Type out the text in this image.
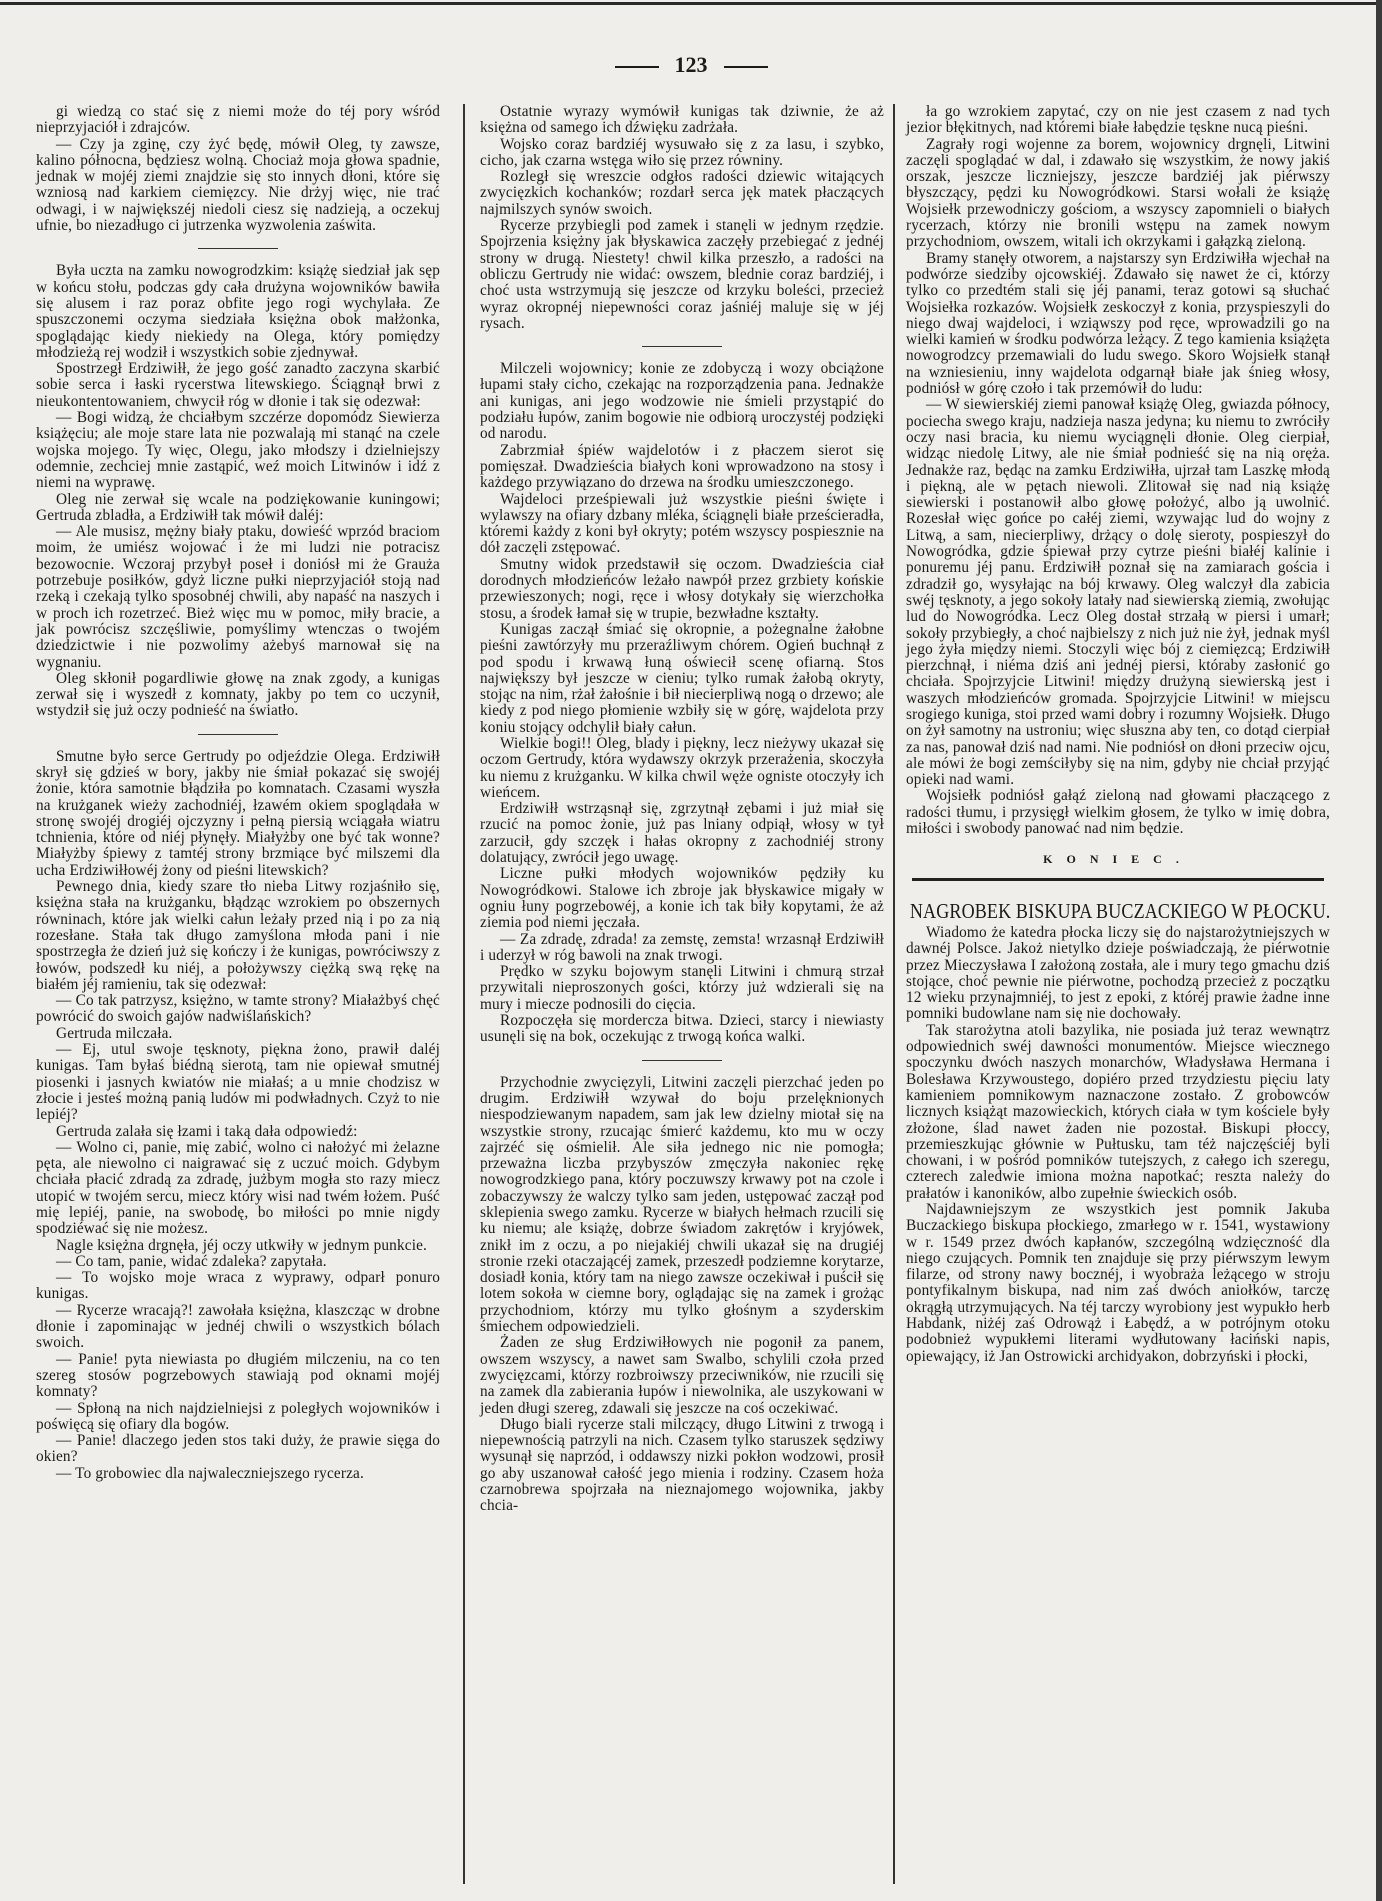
123

gi wiedzą co stać się z niemi może do téj pory wśród nieprzyjaciół i zdrajców.

— Czy ja zginę, czy żyć będę, mówił Oleg, ty zawsze, kalino północna, będziesz wolną. Chociaż moja głowa spadnie, jednak w mojéj ziemi znajdzie się sto innych dłoni, które się wzniosą nad karkiem ciemięzcy. Nie drżyj więc, nie trać odwagi, i w największéj niedoli ciesz się nadzieją, a oczekuj ufnie, bo niezadługo ci jutrzenka wyzwolenia zaświta.

Była uczta na zamku nowogrodzkim: książę siedział jak sęp w końcu stołu, podczas gdy cała drużyna wojowników bawiła się alusem i raz poraz obfite jego rogi wychylała. Ze spuszczonemi oczyma siedziała księżna obok małżonka, spoglądając kiedy niekiedy na Olega, który pomiędzy młodzieżą rej wodził i wszystkich sobie zjednywał.

Spostrzegł Erdziwiłł, że jego gość zanadto zaczyna skarbić sobie serca i łaski rycerstwa litewskiego. Ściągnął brwi z nieukontentowaniem, chwycił róg w dłonie i tak się odezwał:

— Bogi widzą, że chciałbym szczérze dopomódz Siewierza książęciu; ale moje stare lata nie pozwalają mi stanąć na czele wojska mojego. Ty więc, Olegu, jako młodszy i dzielniejszy odemnie, zechciej mnie zastąpić, weź moich Litwinów i idź z niemi na wyprawę.

Oleg nie zerwał się wcale na podziękowanie kuningowi; Gertruda zbladła, a Erdziwiłł tak mówił daléj:

— Ale musisz, mężny biały ptaku, dowieść wprzód braciom moim, że umiész wojować i że mi ludzi nie potracisz bezowocnie. Wczoraj przybył poseł i doniósł mi że Grauża potrzebuje posiłków, gdyż liczne pułki nieprzyjaciół stoją nad rzeką i czekają tylko sposobnéj chwili, aby napaść na naszych i w proch ich rozetrzeć. Bież więc mu w pomoc, miły bracie, a jak powrócisz szczęśliwie, pomyślimy wtenczas o twojém dziedzictwie i nie pozwolimy ażebyś marnował się na wygnaniu.

Oleg skłonił pogardliwie głowę na znak zgody, a kunigas zerwał się i wyszedł z komnaty, jakby po tem co uczynił, wstydził się już oczy podnieść na światło.

Smutne było serce Gertrudy po odjeździe Olega. Erdziwiłł skrył się gdzieś w bory, jakby nie śmiał pokazać się swojéj żonie, która samotnie błądziła po komnatach. Czasami wyszła na krużganek wieży zachodniéj, łzawém okiem spoglądała w stronę swojéj drogiéj ojczyzny i pełną piersią wciągała wiatru tchnienia, które od niéj płynęły. Miałyżby one być tak wonne? Miałyżby śpiewy z tamtéj strony brzmiące być milszemi dla ucha Erdziwiłłowéj żony od pieśni litewskich?

Pewnego dnia, kiedy szare tło nieba Litwy rozjaśniło się, księżna stała na krużganku, błądząc wzrokiem po obszernych równinach, które jak wielki całun leżały przed nią i po za nią rozesłane. Stała tak długo zamyślona młoda pani i nie spostrzegła że dzień już się kończy i że kunigas, powróciwszy z łowów, podszedł ku niéj, a położywszy ciężką swą rękę na białém jéj ramieniu, tak się odezwał:

— Co tak patrzysz, księżno, w tamte strony? Miałażbyś chęć powrócić do swoich gajów nadwiślańskich?

Gertruda milczała.

— Ej, utul swoje tęsknoty, piękna żono, prawił daléj kunigas. Tam byłaś biédną sierotą, tam nie opiewał smutnéj piosenki i jasnych kwiatów nie miałaś; a u mnie chodzisz w złocie i jesteś możną panią ludów mi podwładnych. Czyż to nie lepiéj?

Gertruda zalała się łzami i taką dała odpowiedź:

— Wolno ci, panie, mię zabić, wolno ci nałożyć mi żelazne pęta, ale niewolno ci naigrawać się z uczuć moich. Gdybym chciała płacić zdradą za zdradę, jużbym mogła sto razy miecz utopić w twojém sercu, miecz który wisi nad twém łożem. Puść mię lepiéj, panie, na swobodę, bo miłości po mnie nigdy spodziéwać się nie możesz.

Nagle księżna drgnęła, jéj oczy utkwiły w jednym punkcie.

— Co tam, panie, widać zdaleka? zapytała.

— To wojsko moje wraca z wyprawy, odparł ponuro kunigas.

— Rycerze wracają?! zawołała księżna, klaszcząc w drobne dłonie i zapominając w jednéj chwili o wszystkich bólach swoich.

— Panie! pyta niewiasta po długiém milczeniu, na co ten szereg stosów pogrzebowych stawiają pod oknami mojéj komnaty?

— Spłoną na nich najdzielniejsi z poległych wojowników i poświęcą się ofiary dla bogów.

— Panie! dlaczego jeden stos taki duży, że prawie sięga do okien?

— To grobowiec dla najwaleczniejszego rycerza.

Ostatnie wyrazy wymówił kunigas tak dziwnie, że aż księżna od samego ich dźwięku zadrżała.

Wojsko coraz bardziéj wysuwało się z za lasu, i szybko, cicho, jak czarna wstęga wiło się przez równiny.

Rozległ się wreszcie odgłos radości dziewic witających zwycięzkich kochanków; rozdarł serca jęk matek płaczących najmilszych synów swoich.

Rycerze przybiegli pod zamek i stanęli w jednym rzędzie. Spojrzenia księżny jak błyskawica zaczęły przebiegać z jednéj strony w drugą. Niestety! chwil kilka przeszło, a radości na obliczu Gertrudy nie widać: owszem, blednie coraz bardziéj, i choć usta wstrzymują się jeszcze od krzyku boleści, przecież wyraz okropnéj niepewności coraz jaśniéj maluje się w jéj rysach.

Milczeli wojownicy; konie ze zdobyczą i wozy obciążone łupami stały cicho, czekając na rozporządzenia pana. Jednakże ani kunigas, ani jego wodzowie nie śmieli przystąpić do podziału łupów, zanim bogowie nie odbiorą uroczystéj podzięki od narodu.

Zabrzmiał śpiéw wajdelotów i z płaczem sierot się pomięszał. Dwadzieścia białych koni wprowadzono na stosy i każdego przywiązano do drzewa na środku umieszczonego.

Wajdeloci prześpiewali już wszystkie pieśni święte i wylawszy na ofiary dzbany mléka, ściągnęli białe prześcieradła, któremi każdy z koni był okryty; potém wszyscy pospiesznie na dół zaczęli zstępować.

Smutny widok przedstawił się oczom. Dwadzieścia ciał dorodnych młodzieńców leżało nawpół przez grzbiety końskie przewieszonych; nogi, ręce i włosy dotykały się wierzchołka stosu, a środek łamał się w trupie, bezwładne kształty.

Kunigas zaczął śmiać się okropnie, a pożegnalne żałobne pieśni zawtórzyły mu przeraźliwym chórem. Ogień buchnął z pod spodu i krwawą łuną oświecił scenę ofiarną. Stos największy był jeszcze w cieniu; tylko rumak żałobą okryty, stojąc na nim, rżał żałośnie i bił niecierpliwą nogą o drzewo; ale kiedy z pod niego płomienie wzbiły się w górę, wajdelota przy koniu stojący odchylił biały całun.

Wielkie bogi!! Oleg, blady i piękny, lecz nieżywy ukazał się oczom Gertrudy, która wydawszy okrzyk przerażenia, skoczyła ku niemu z krużganku. W kilka chwil węże ogniste otoczyły ich wieńcem.

Erdziwiłł wstrząsnął się, zgrzytnął zębami i już miał się rzucić na pomoc żonie, już pas lniany odpiął, włosy w tył zarzucił, gdy szczęk i hałas okropny z zachodniéj strony dolatujący, zwrócił jego uwagę.

Liczne pułki młodych wojowników pędziły ku Nowogródkowi. Stalowe ich zbroje jak błyskawice migały w ogniu łuny pogrzebowéj, a konie ich tak biły kopytami, że aż ziemia pod niemi jęczała.

— Za zdradę, zdrada! za zemstę, zemsta! wrzasnął Erdziwiłł i uderzył w róg bawoli na znak trwogi.

Prędko w szyku bojowym stanęli Litwini i chmurą strzał przywitali nieproszonych gości, którzy już wdzierali się na mury i miecze podnosili do cięcia.

Rozpoczęła się mordercza bitwa. Dzieci, starcy i niewiasty usunęli się na bok, oczekując z trwogą końca walki.

Przychodnie zwycięzyli, Litwini zaczęli pierzchać jeden po drugim. Erdziwiłł wzywał do boju przelęknionych niespodziewanym napadem, sam jak lew dzielny miotał się na wszystkie strony, rzucając śmierć każdemu, kto mu w oczy zajrzéć się ośmielił. Ale siła jednego nic nie pomogła; przeważna liczba przybyszów zmęczyła nakoniec rękę nowogrodzkiego pana, który poczuwszy krwawy pot na czole i zobaczywszy że walczy tylko sam jeden, ustępować zaczął pod sklepienia swego zamku. Rycerze w białych hełmach rzucili się ku niemu; ale książę, dobrze świadom zakrętów i kryjówek, znikł im z oczu, a po niejakiéj chwili ukazał się na drugiéj stronie rzeki otaczającéj zamek, przeszedł podziemne korytarze, dosiadł konia, który tam na niego zawsze oczekiwał i puścił się lotem sokoła w ciemne bory, oglądając się na zamek i grożąc przychodniom, którzy mu tylko głośnym a szyderskim śmiechem odpowiedzieli.

Żaden ze sług Erdziwiłłowych nie pogonił za panem, owszem wszyscy, a nawet sam Swalbo, schylili czoła przed zwycięzcami, którzy rozbroiwszy przeciwników, nie rzucili się na zamek dla zabierania łupów i niewolnika, ale uszykowani w jeden długi szereg, zdawali się jeszcze na coś oczekiwać.

Długo biali rycerze stali milczący, długo Litwini z trwogą i niepewnością patrzyli na nich. Czasem tylko staruszek sędziwy wysunął się naprzód, i oddawszy nizki pokłon wodzowi, prosił go aby uszanował całość jego mienia i rodziny. Czasem hoża czarnobrewa spojrzała na nieznajomego wojownika, jakby chcia-

ła go wzrokiem zapytać, czy on nie jest czasem z nad tych jezior błękitnych, nad któremi białe łabędzie tęskne nucą pieśni.

Zagrały rogi wojenne za borem, wojownicy drgnęli, Litwini zaczęli spoglądać w dal, i zdawało się wszystkim, że nowy jakiś orszak, jeszcze liczniejszy, jeszcze bardziéj jak piérwszy błyszczący, pędzi ku Nowogródkowi. Starsi wołali że książę Wojsiełk przewodniczy gościom, a wszyscy zapomnieli o białych rycerzach, którzy nie bronili wstępu na zamek nowym przychodniom, owszem, witali ich okrzykami i gałązką zieloną.

Bramy stanęły otworem, a najstarszy syn Erdziwiłła wjechał na podwórze siedziby ojcowskiéj. Zdawało się nawet że ci, którzy tylko co przedtém stali się jéj panami, teraz gotowi są słuchać Wojsiełka rozkazów. Wojsiełk zeskoczył z konia, przyspieszyli do niego dwaj wajdeloci, i wziąwszy pod ręce, wprowadzili go na wielki kamień w środku podwórza leżący. Z tego kamienia książęta nowogrodzcy przemawiali do ludu swego. Skoro Wojsiełk stanął na wzniesieniu, inny wajdelota odgarnął białe jak śnieg włosy, podniósł w górę czoło i tak przemówił do ludu:

— W siewierskiéj ziemi panował książę Oleg, gwiazda północy, pociecha swego kraju, nadzieja nasza jedyna; ku niemu to zwróciły oczy nasi bracia, ku niemu wyciągnęli dłonie. Oleg cierpiał, widząc niedolę Litwy, ale nie śmiał podnieść się na nią oręża. Jednakże raz, będąc na zamku Erdziwiłła, ujrzał tam Laszkę młodą i piękną, ale w pętach niewoli. Zlitował się nad nią książę siewierski i postanowił albo głowę położyć, albo ją uwolnić. Rozesłał więc gońce po całéj ziemi, wzywając lud do wojny z Litwą, a sam, niecierpliwy, drżący o dolę sieroty, pospieszył do Nowogródka, gdzie śpiewał przy cytrze pieśni białéj kalinie i ponuremu jéj panu. Erdziwiłł poznał się na zamiarach gościa i zdradził go, wysyłając na bój krwawy. Oleg walczył dla zabicia swéj tęsknoty, a jego sokoły latały nad siewierską ziemią, zwołując lud do Nowogródka. Lecz Oleg dostał strzałą w piersi i umarł; sokoły przybiegły, a choć najbielszy z nich już nie żył, jednak myśl jego żyła między niemi. Stoczyli więc bój z ciemięzcą; Erdziwiłł pierzchnął, i niéma dziś ani jednéj piersi, któraby zasłonić go chciała. Spojrzyjcie Litwini! między drużyną siewierską jest i waszych młodzieńców gromada. Spojrzyjcie Litwini! w miejscu srogiego kuniga, stoi przed wami dobry i rozumny Wojsiełk. Długo on żył samotny na ustroniu; więc słuszna aby ten, co dotąd cierpiał za nas, panował dziś nad nami. Nie podniósł on dłoni przeciw ojcu, ale mówi że bogi zemściłyby się na nim, gdyby nie chciał przyjąć opieki nad wami.

Wojsiełk podniósł gałąź zieloną nad głowami płaczącego z radości tłumu, i przysięgł wielkim głosem, że tylko w imię dobra, miłości i swobody panować nad nim będzie.

KONIEC.
NAGROBEK BISKUPA BUCZACKIEGO W PŁOCKU.

Wiadomo że katedra płocka liczy się do najstarożytniejszych w dawnéj Polsce. Jakoż nietylko dzieje poświadczają, że piérwotnie przez Mieczysława I założoną została, ale i mury tego gmachu dziś stojące, choć pewnie nie piérwotne, pochodzą przecież z początku 12 wieku przynajmniéj, to jest z epoki, z któréj prawie żadne inne pomniki budowlane nam się nie dochowały.

Tak starożytna atoli bazylika, nie posiada już teraz wewnątrz odpowiednich swéj dawności monumentów. Miejsce wiecznego spoczynku dwóch naszych monarchów, Władysława Hermana i Bolesława Krzywoustego, dopiéro przed trzydziestu pięciu laty kamieniem pomnikowym naznaczone zostało. Z grobowców licznych książąt mazowieckich, których ciała w tym kościele były złożone, ślad nawet żaden nie pozostał. Biskupi płoccy, przemieszkując głównie w Pułtusku, tam téż najczęściéj byli chowani, i w pośród pomników tutejszych, z całego ich szeregu, czterech zaledwie imiona można napotkać; reszta należy do prałatów i kanoników, albo zupełnie świeckich osób.

Najdawniejszym ze wszystkich jest pomnik Jakuba Buczackiego biskupa płockiego, zmarłego w r. 1541, wystawiony w r. 1549 przez dwóch kapłanów, szczególną wdzięczność dla niego czujących. Pomnik ten znajduje się przy piérwszym lewym filarze, od strony nawy bocznéj, i wyobraża leżącego w stroju pontyfikalnym biskupa, nad nim zaś dwóch aniołków, tarczę okrągłą utrzymujących. Na téj tarczy wyrobiony jest wypukło herb Habdank, niżéj zaś Odrowąż i Łabędź, a w potrójnym otoku podobnież wypukłemi literami wydłutowany łaciński napis, opiewający, iż Jan Ostrowicki archidyakon, dobrzyński i płocki,
